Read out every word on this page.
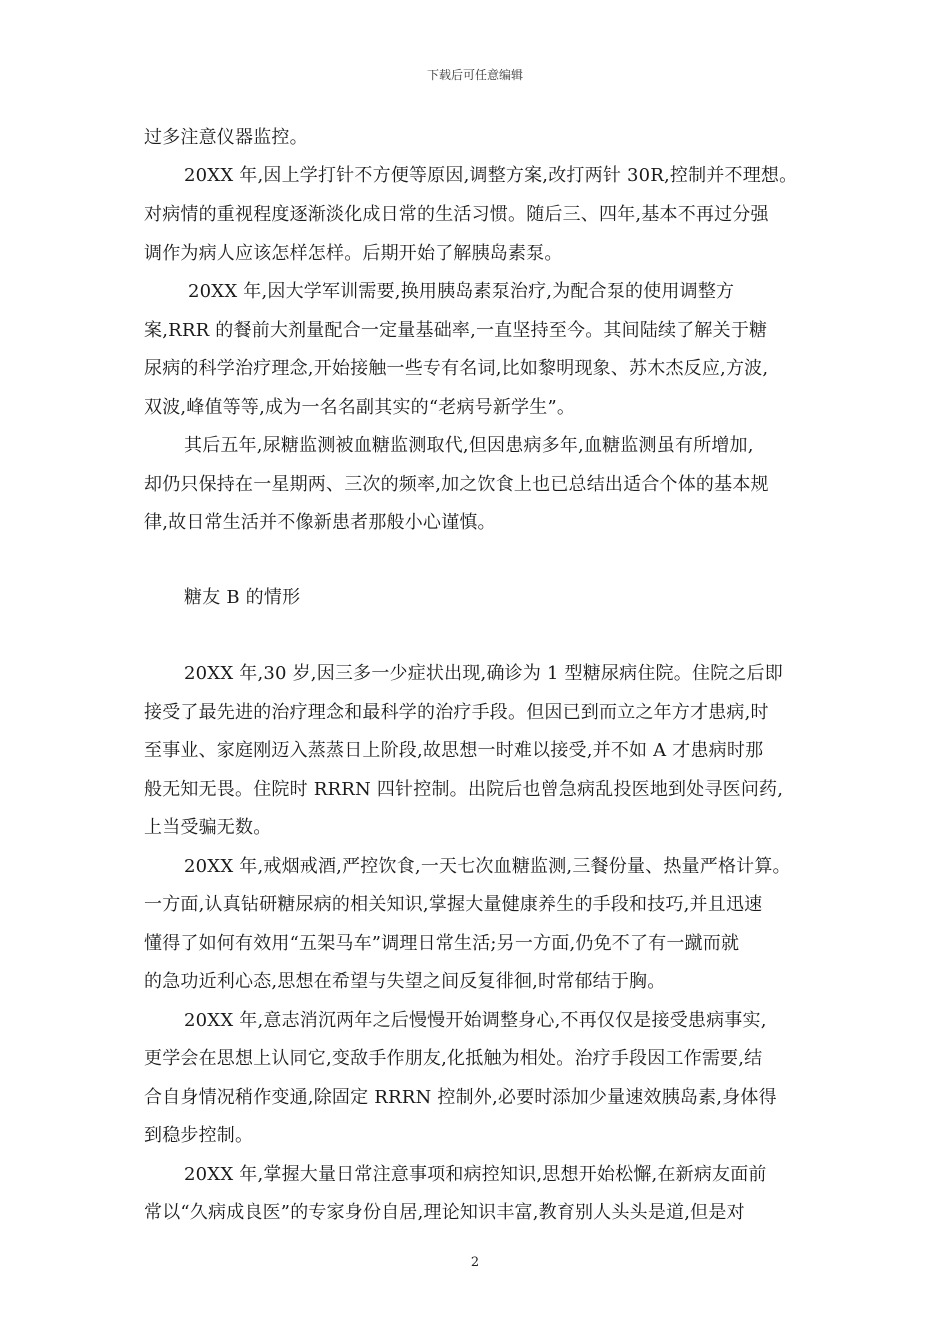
下载后可任意编辑
过多注意仪器监控。
20XX 年,因上学打针不方便等原因,调整方案,改打两针 30R,控制并不理想。
对病情的重视程度逐渐淡化成日常的生活习惯。随后三、四年,基本不再过分强
调作为病人应该怎样怎样。后期开始了解胰岛素泵。
20XX 年,因大学军训需要,换用胰岛素泵治疗,为配合泵的使用调整方
案,RRR 的餐前大剂量配合一定量基础率,一直坚持至今。其间陆续了解关于糖
尿病的科学治疗理念,开始接触一些专有名词,比如黎明现象、苏木杰反应,方波,
双波,峰值等等,成为一名名副其实的“老病号新学生”。
其后五年,尿糖监测被血糖监测取代,但因患病多年,血糖监测虽有所增加,
却仍只保持在一星期两、三次的频率,加之饮食上也已总结出适合个体的基本规
律,故日常生活并不像新患者那般小心谨慎。
糖友 B 的情形
20XX 年,30 岁,因三多一少症状出现,确诊为 1 型糖尿病住院。住院之后即
接受了最先进的治疗理念和最科学的治疗手段。但因已到而立之年方才患病,时
至事业、家庭刚迈入蒸蒸日上阶段,故思想一时难以接受,并不如 A 才患病时那
般无知无畏。住院时 RRRN 四针控制。出院后也曾急病乱投医地到处寻医问药,
上当受骗无数。
20XX 年,戒烟戒酒,严控饮食,一天七次血糖监测,三餐份量、热量严格计算。
一方面,认真钻研糖尿病的相关知识,掌握大量健康养生的手段和技巧,并且迅速
懂得了如何有效用“五架马车”调理日常生活;另一方面,仍免不了有一蹴而就
的急功近利心态,思想在希望与失望之间反复徘徊,时常郁结于胸。
20XX 年,意志消沉两年之后慢慢开始调整身心,不再仅仅是接受患病事实,
更学会在思想上认同它,变敌手作朋友,化抵触为相处。治疗手段因工作需要,结
合自身情况稍作变通,除固定 RRRN 控制外,必要时添加少量速效胰岛素,身体得
到稳步控制。
20XX 年,掌握大量日常注意事项和病控知识,思想开始松懈,在新病友面前
常以“久病成良医”的专家身份自居,理论知识丰富,教育别人头头是道,但是对
2
